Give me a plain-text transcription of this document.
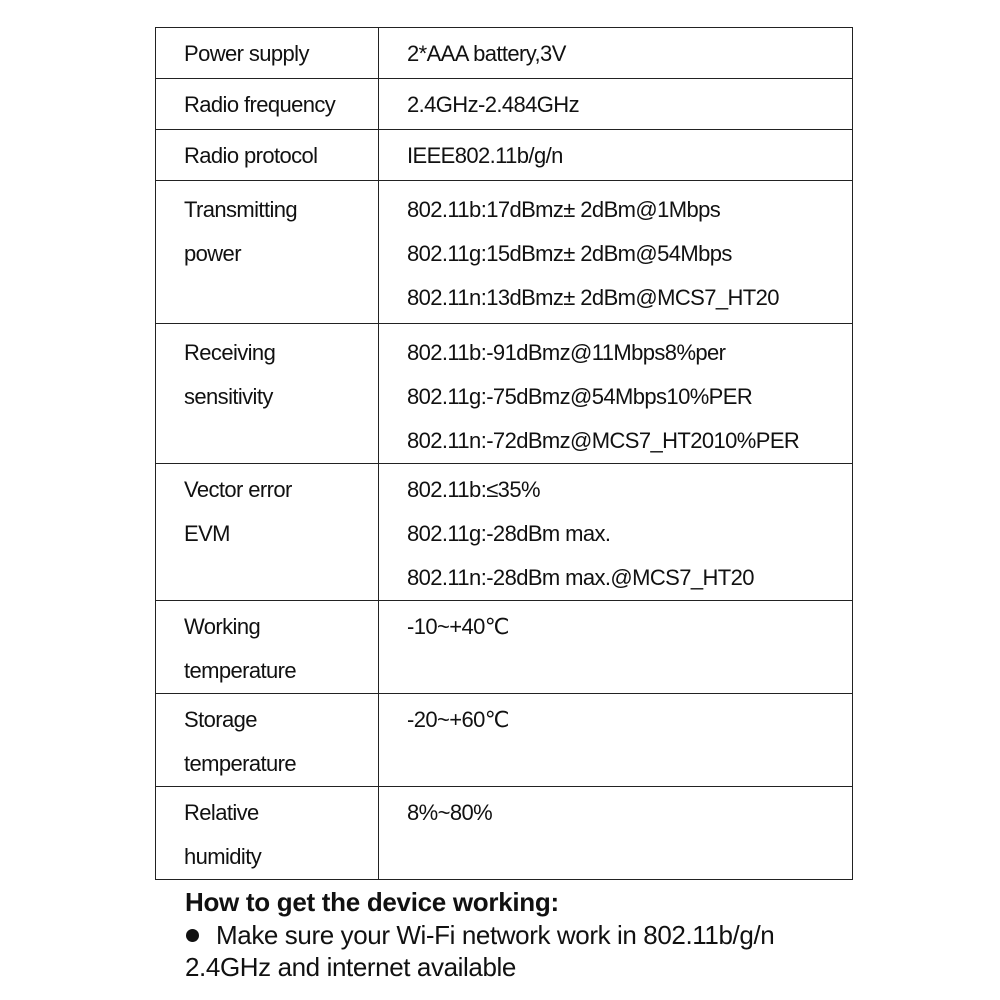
Power supply	2*AAA battery,3V

Radio frequency	2.4GHz-2.484GHz

Radio protocol	IEEE802.11b/g/n

Transmitting
power	802.11b:17dBmz± 2dBm@1Mbps
802.11g:15dBmz± 2dBm@54Mbps
802.11n:13dBmz± 2dBm@MCS7_HT20

Receiving
sensitivity	802.11b:-91dBmz@11Mbps8%per
802.11g:-75dBmz@54Mbps10%PER
802.11n:-72dBmz@MCS7_HT2010%PER

Vector error
EVM	802.11b:≤35%
802.11g:-28dBm max.
802.11n:-28dBm max.@MCS7_HT20

Working
temperature	-10~+40℃

Storage
temperature	-20~+60℃

Relative
humidity	8%~80%
How to get the device working:
Make sure your Wi-Fi network work in 802.11b/g/n
2.4GHz and internet available
